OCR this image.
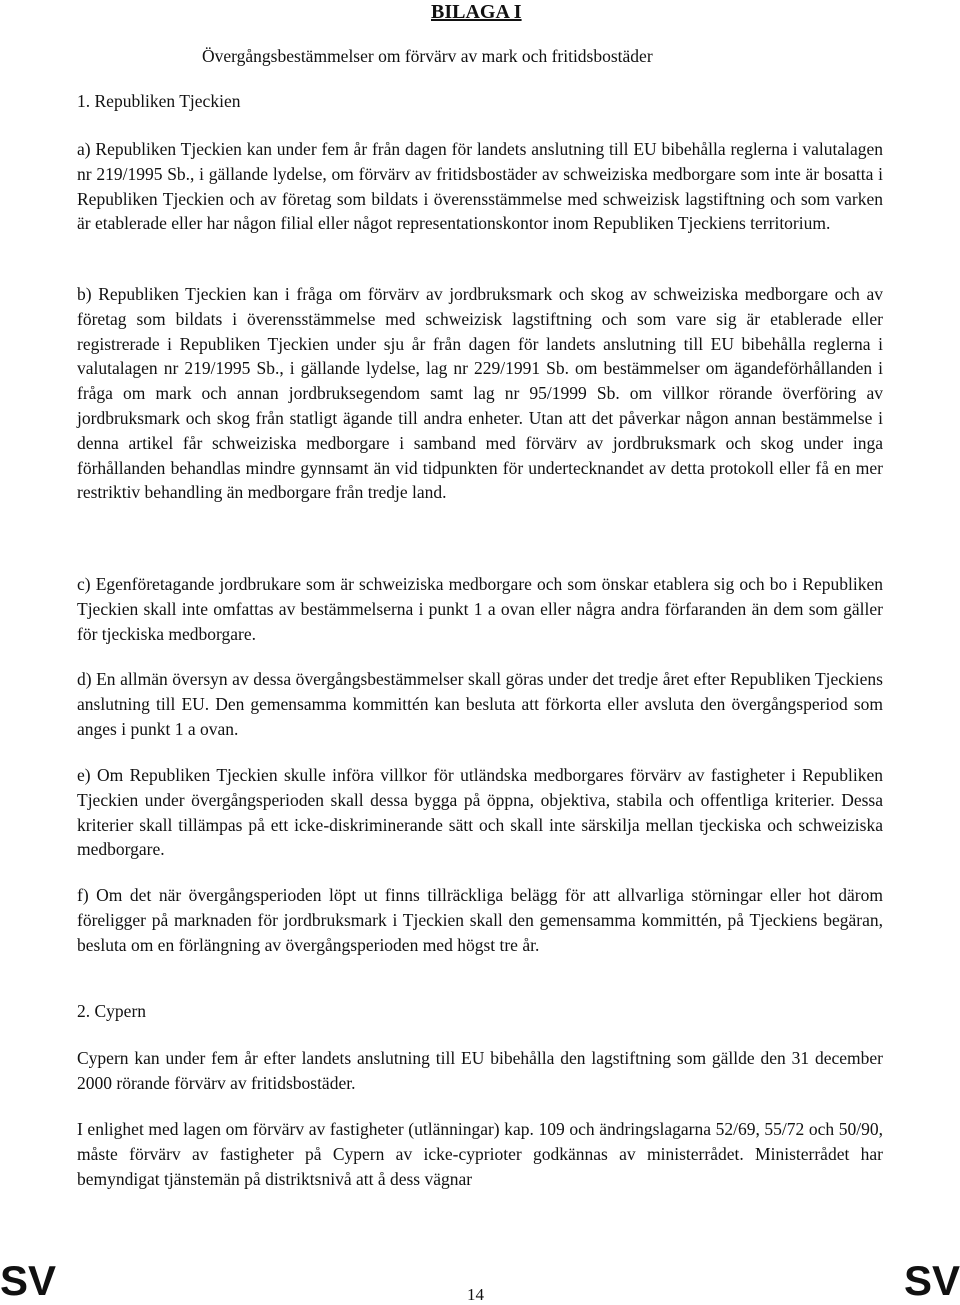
BILAGA I

Övergångsbestämmelser om förvärv av mark och fritidsbostäder

1. Republiken Tjeckien

a) Republiken Tjeckien kan under fem år från dagen för landets anslutning till EU bibehålla reglerna i valutalagen nr 219/1995 Sb., i gällande lydelse, om förvärv av fritidsbostäder av schweiziska medborgare som inte är bosatta i Republiken Tjeckien och av företag som bildats i överensstämmelse med schweizisk lagstiftning och som varken är etablerade eller har någon filial eller något representationskontor inom Republiken Tjeckiens territorium.

b) Republiken Tjeckien kan i fråga om förvärv av jordbruksmark och skog av schweiziska medborgare och av företag som bildats i överensstämmelse med schweizisk lagstiftning och som vare sig är etablerade eller registrerade i Republiken Tjeckien under sju år från dagen för landets anslutning till EU bibehålla reglerna i valutalagen nr 219/1995 Sb., i gällande lydelse, lag nr 229/1991 Sb. om bestämmelser om ägandeförhållanden i fråga om mark och annan jordbruksegendom samt lag nr 95/1999 Sb. om villkor rörande överföring av jordbruksmark och skog från statligt ägande till andra enheter. Utan att det påverkar någon annan bestämmelse i denna artikel får schweiziska medborgare i samband med förvärv av jordbruksmark och skog under inga förhållanden behandlas mindre gynnsamt än vid tidpunkten för undertecknandet av detta protokoll eller få en mer restriktiv behandling än medborgare från tredje land.

c) Egenföretagande jordbrukare som är schweiziska medborgare och som önskar etablera sig och bo i Republiken Tjeckien skall inte omfattas av bestämmelserna i punkt 1 a ovan eller några andra förfaranden än dem som gäller för tjeckiska medborgare.

d) En allmän översyn av dessa övergångsbestämmelser skall göras under det tredje året efter Republiken Tjeckiens anslutning till EU. Den gemensamma kommittén kan besluta att förkorta eller avsluta den övergångsperiod som anges i punkt 1 a ovan.

e) Om Republiken Tjeckien skulle införa villkor för utländska medborgares förvärv av fastigheter i Republiken Tjeckien under övergångsperioden skall dessa bygga på öppna, objektiva, stabila och offentliga kriterier. Dessa kriterier skall tillämpas på ett icke-diskriminerande sätt och skall inte särskilja mellan tjeckiska och schweiziska medborgare.

f) Om det när övergångsperioden löpt ut finns tillräckliga belägg för att allvarliga störningar eller hot därom föreligger på marknaden för jordbruksmark i Tjeckien skall den gemensamma kommittén, på Tjeckiens begäran, besluta om en förlängning av övergångsperioden med högst tre år.

2. Cypern

Cypern kan under fem år efter landets anslutning till EU bibehålla den lagstiftning som gällde den 31 december 2000 rörande förvärv av fritidsbostäder.

I enlighet med lagen om förvärv av fastigheter (utlänningar) kap. 109 och ändringslagarna 52/69, 55/72 och 50/90, måste förvärv av fastigheter på Cypern av icke-cyprioter godkännas av ministerrådet. Ministerrådet har bemyndigat tjänstemän på distriktsnivå att å dess vägnar

SV	14	SV
